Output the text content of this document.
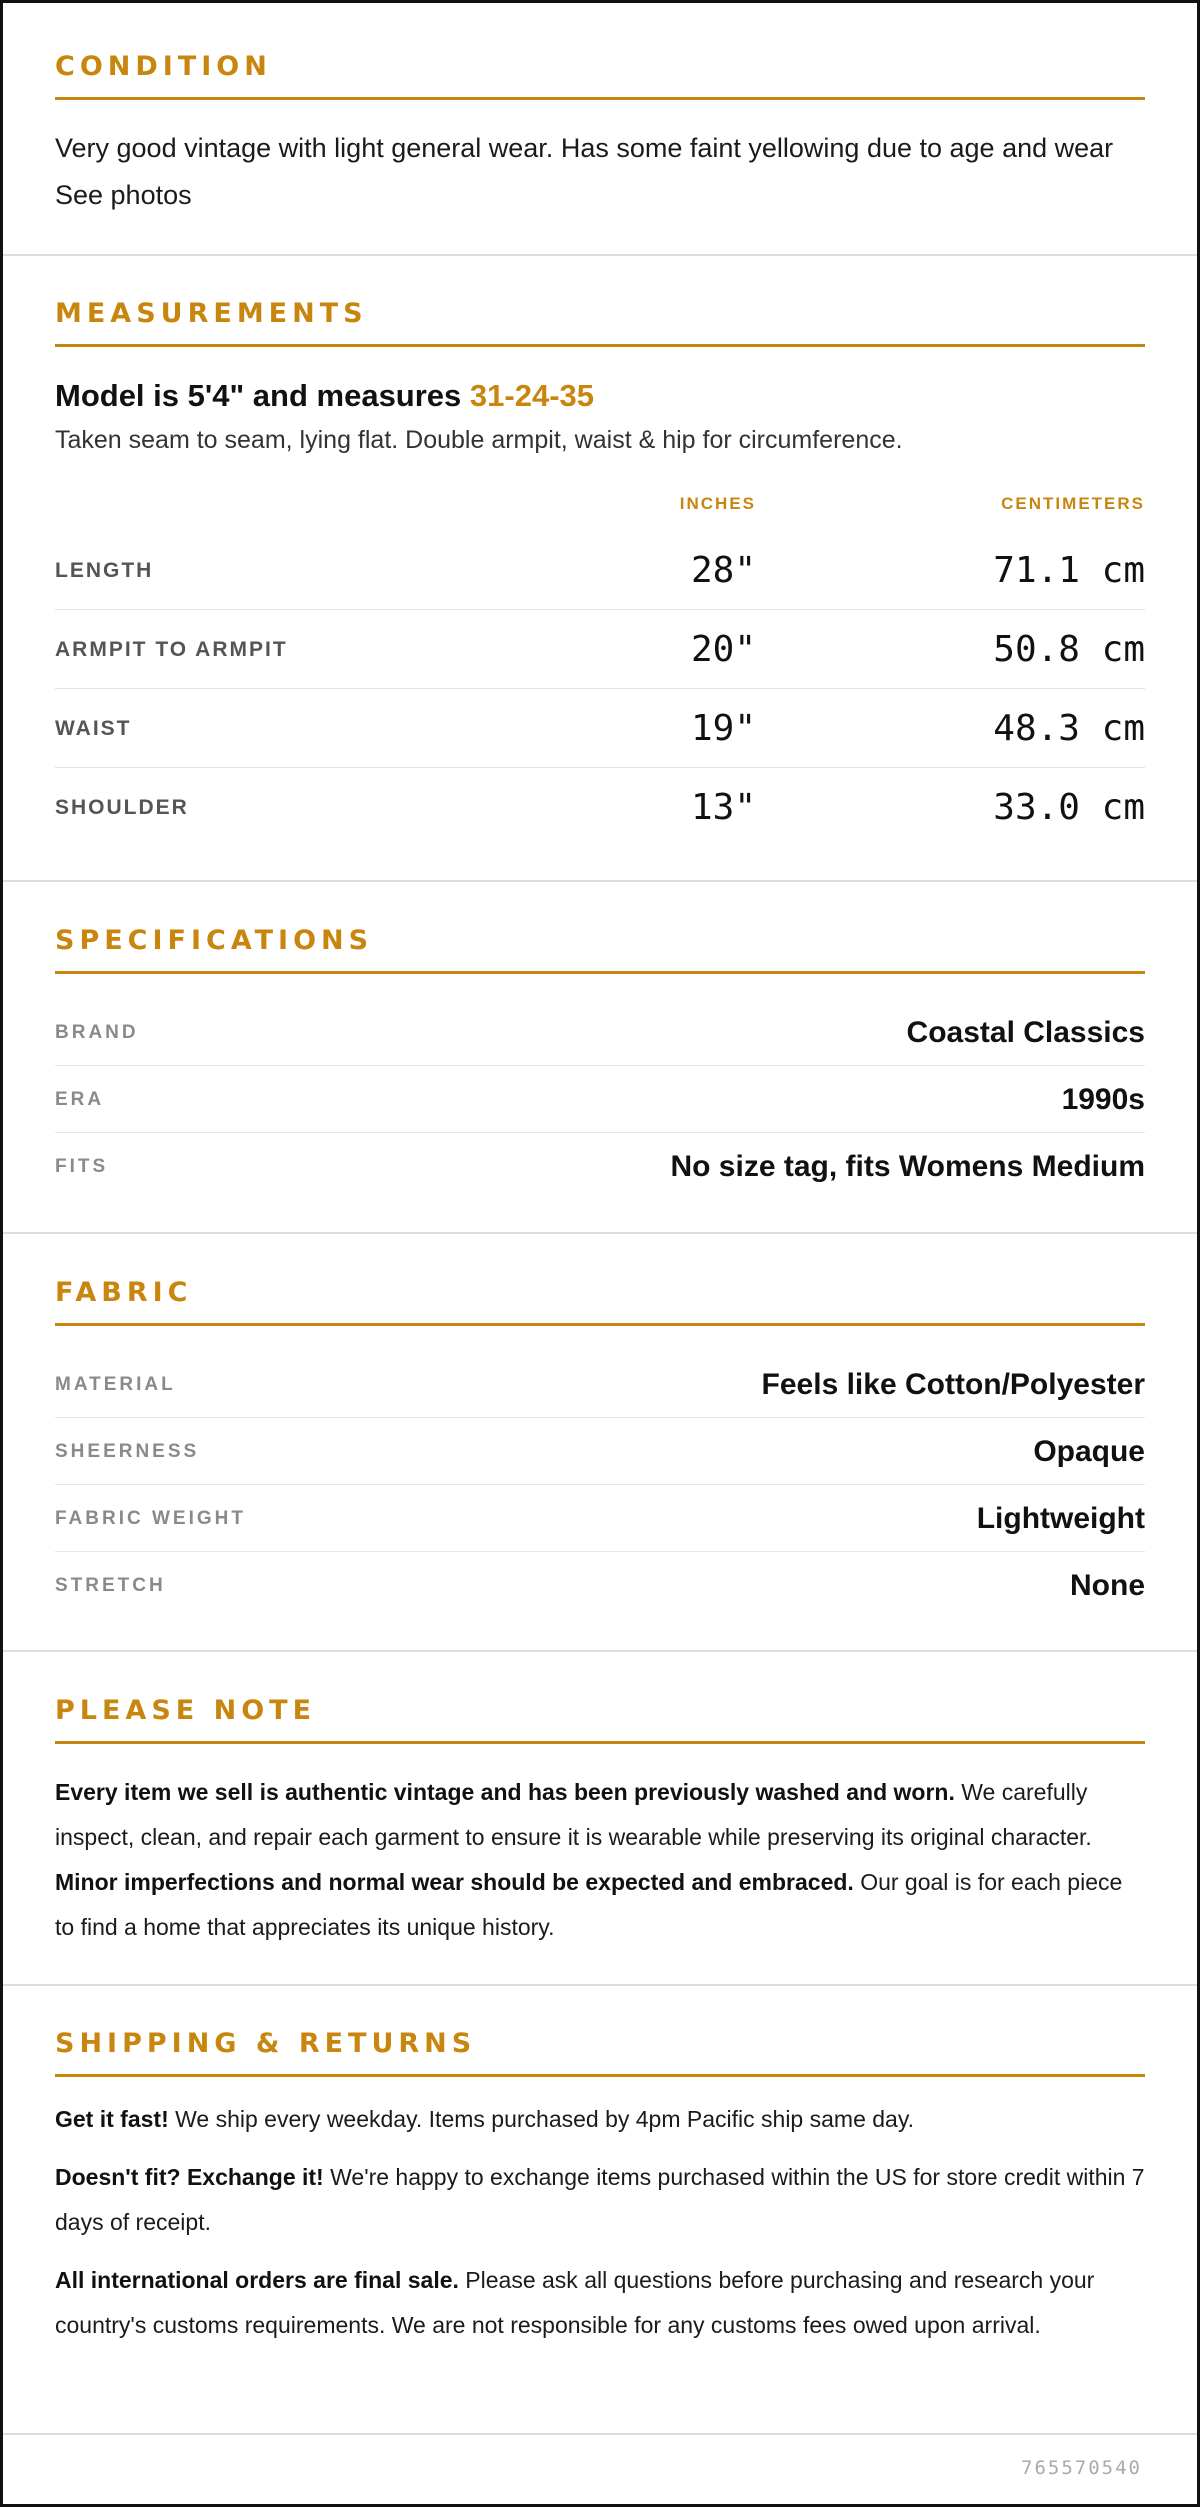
CONDITION
Very good vintage with light general wear. Has some faint yellowing due to age and wear See photos
MEASUREMENTS
Model is 5'4" and measures 31-24-35
Taken seam to seam, lying flat. Double armpit, waist & hip for circumference.
INCHES	CENTIMETERS
LENGTH	28"	71.1 cm
ARMPIT TO ARMPIT	20"	50.8 cm
WAIST	19"	48.3 cm
SHOULDER	13"	33.0 cm
SPECIFICATIONS
BRAND	Coastal Classics
ERA	1990s
FITS	No size tag, fits Womens Medium
FABRIC
MATERIAL	Feels like Cotton/Polyester
SHEERNESS	Opaque
FABRIC WEIGHT	Lightweight
STRETCH	None
PLEASE NOTE
Every item we sell is authentic vintage and has been previously washed and worn. We carefully inspect, clean, and repair each garment to ensure it is wearable while preserving its original character. Minor imperfections and normal wear should be expected and embraced. Our goal is for each piece to find a home that appreciates its unique history.
SHIPPING & RETURNS
Get it fast! We ship every weekday. Items purchased by 4pm Pacific ship same day.
Doesn't fit? Exchange it! We're happy to exchange items purchased within the US for store credit within 7 days of receipt.
All international orders are final sale. Please ask all questions before purchasing and research your country's customs requirements. We are not responsible for any customs fees owed upon arrival.
765570540
